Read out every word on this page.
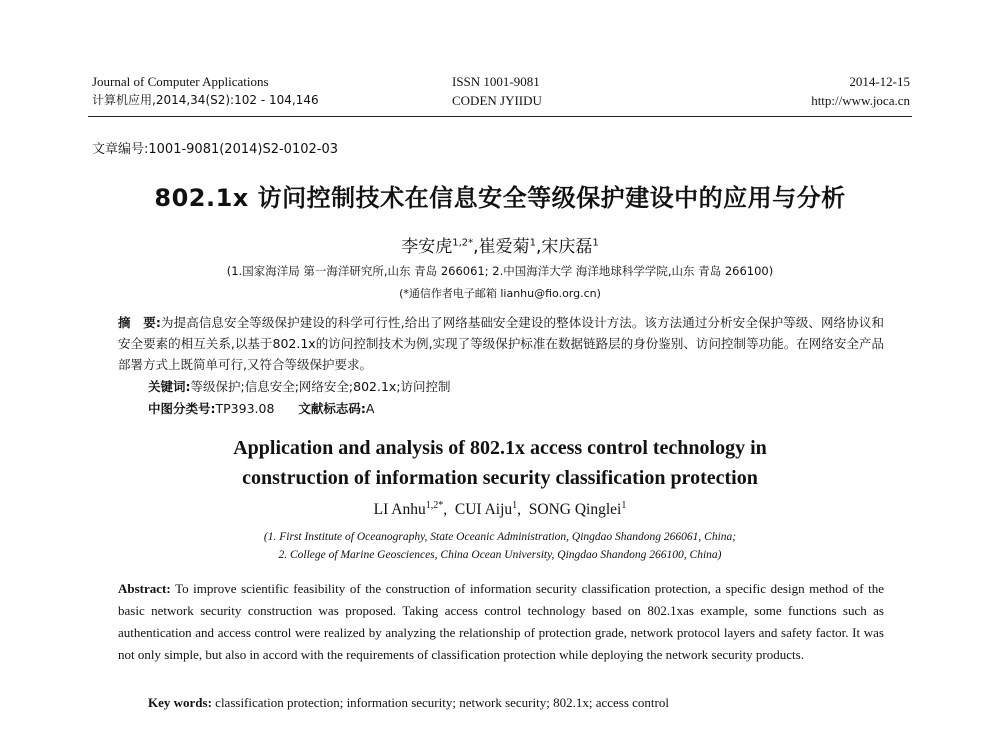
Journal of Computer Applications
计算机应用,2014,34(S2):102 - 104,146
ISSN 1001-9081
CODEN JYIIDU
2014-12-15
http://www.joca.cn
文章编号:1001-9081(2014)S2-0102-03
802.1x 访问控制技术在信息安全等级保护建设中的应用与分析
李安虎$^{1,2*}$,崔爱菊$^1$,宋庆磊$^1$
(1.国家海洋局 第一海洋研究所,山东 青岛 266061; 2.中国海洋大学 海洋地球科学学院,山东 青岛 266100)
(*通信作者电子邮箱 lianhu@fio.org.cn)
摘　要:为提高信息安全等级保护建设的科学可行性,给出了网络基础安全建设的整体设计方法。该方法通过分析安全保护等级、网络协议和安全要素的相互关系,以基于802.1x的访问控制技术为例,实现了等级保护标准在数据链路层的身份鉴别、访问控制等功能。在网络安全产品部署方式上既简单可行,又符合等级保护要求。
关键词:等级保护;信息安全;网络安全;802.1x;访问控制
中图分类号:TP393.08 文献标志码:A
Application and analysis of 802.1x access control technology in
construction of information security classification protection
LI Anhu$^{1,2*}$,  CUI Aiju$^1$,  SONG Qinglei$^1$
(1. First Institute of Oceanography, State Oceanic Administration, Qingdao Shandong 266061, China;
2. College of Marine Geosciences, China Ocean University, Qingdao Shandong 266100, China)
Abstract: To improve scientific feasibility of the construction of information security classification protection, a specific design method of the basic network security construction was proposed. Taking access control technology based on 802.1xas example, some functions such as authentication and access control were realized by analyzing the relationship of protection grade, network protocol layers and safety factor. It was not only simple, but also in accord with the requirements of classification protection while deploying the network security products.
Key words: classification protection; information security; network security; 802.1x; access control
